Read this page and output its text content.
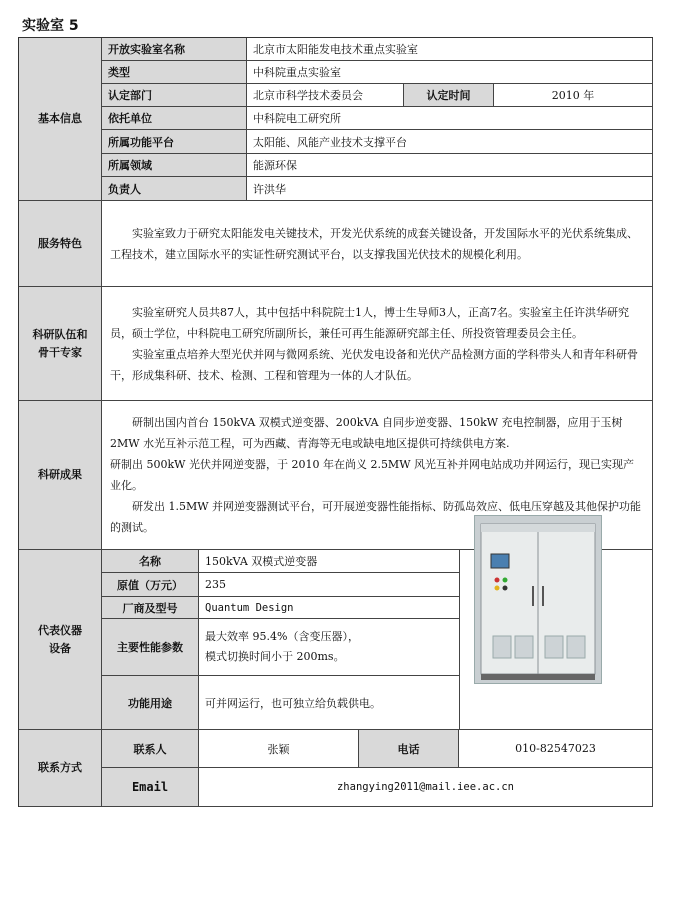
实验室 5
基本信息
开放实验室名称	北京市太阳能发电技术重点实验室
类型	中科院重点实验室
认定部门	北京市科学技术委员会	认定时间	2010 年
依托单位	中科院电工研究所
所属功能平台	太阳能、风能产业技术支撑平台
所属领域	能源环保
负责人	许洪华
服务特色

实验室致力于研究太阳能发电关键技术，开发光伏系统的成套关键设备，开发国际水平的光伏系统集成、工程技术，建立国际水平的实证性研究测试平台，以支撑我国光伏技术的规模化利用。

科研队伍和
骨干专家

实验室研究人员共87人，其中包括中科院院士1人，博士生导师3人，正高7名。实验室主任许洪华研究员，硕士学位，中科院电工研究所副所长，兼任可再生能源研究部主任、所投资管理委员会主任。

实验室重点培养大型光伏并网与微网系统、光伏发电设备和光伏产品检测方面的学科带头人和青年科研骨干，形成集科研、技术、检测、工程和管理为一体的人才队伍。

科研成果

研制出国内首台 150kVA 双模式逆变器、200kVA 自同步逆变器、150kW 充电控制器，应用于玉树 2MW 水光互补示范工程，可为西藏、青海等无电或缺电地区提供可持续供电方案.

研制出 500kW 光伏并网逆变器，于 2010 年在尚义 2.5MW 风光互补并网电站成功并网运行，现已实现产业化。

研发出 1.5MW 并网逆变器测试平台，可开展逆变器性能指标、防孤岛效应、低电压穿越及其他保护功能的测试。

代表仪器
设备
名称	150kVA 双模式逆变器
原值（万元）	235
厂商及型号	Quantum Design
主要性能参数
最大效率 95.4%（含变压器），
模式切换时间小于 200ms。
功能用途	可并网运行，也可独立给负载供电。
联系方式
联系人	张颖	电话	010-82547023
Email	zhangying2011@mail.iee.ac.cn
